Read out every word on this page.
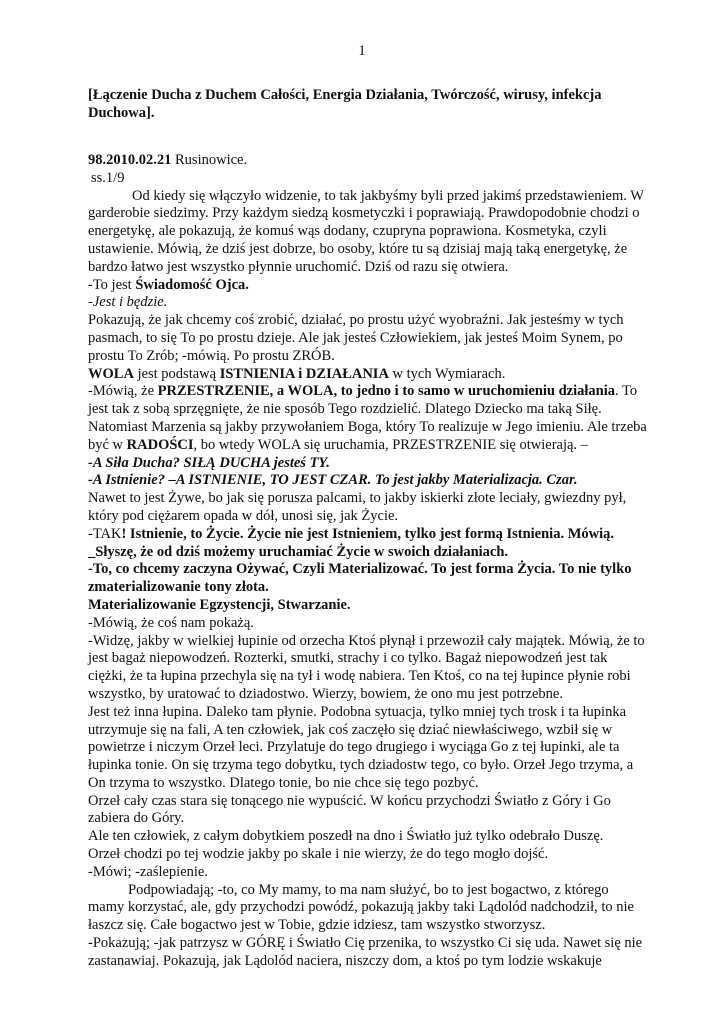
1
[Łączenie Ducha z Duchem Całości, Energia Działania, Twórczość, wirusy, infekcja Duchowa].

98.2010.02.21 Rusinowice.

ss.1/9

Od kiedy się włączyło widzenie, to tak jakbyśmy byli przed jakimś przedstawieniem. W garderobie siedzimy. Przy każdym siedzą kosmetyczki i poprawiają. Prawdopodobnie chodzi o energetykę, ale pokazują, że komuś wąs dodany, czupryna poprawiona. Kosmetyka, czyli ustawienie. Mówią, że dziś jest dobrze, bo osoby, które tu są dzisiaj mają taką energetykę, że bardzo łatwo jest wszystko płynnie uruchomić. Dziś od razu się otwiera.

-To jest Świadomość Ojca.

-Jest i będzie.

Pokazują, że jak chcemy coś zrobić, działać, po prostu użyć wyobraźni. Jak jesteśmy w tych pasmach, to się To po prostu dzieje. Ale jak jesteś Człowiekiem, jak jesteś Moim Synem, po prostu To Zrób; -mówią. Po prostu ZRÓB.

WOLA jest podstawą ISTNIENIA i DZIAŁANIA w tych Wymiarach.

-Mówią, że PRZESTRZENIE, a WOLA, to jedno i to samo w uruchomieniu działania. To jest tak z sobą sprzęgnięte, że nie sposób Tego rozdzielić. Dlatego Dziecko ma taką Siłę. Natomiast Marzenia są jakby przywołaniem Boga, który To realizuje w Jego imieniu. Ale trzeba być w RADOŚCI, bo wtedy WOLA się uruchamia, PRZESTRZENIE się otwierają. –

-A Siła Ducha? SIŁĄ DUCHA jesteś TY.

-A Istnienie? –A ISTNIENIE, TO JEST CZAR. To jest jakby Materializacja. Czar.

Nawet to jest Żywe, bo jak się porusza palcami, to jakby iskierki złote leciały, gwiezdny pył, który pod ciężarem opada w dół, unosi się, jak Życie.

-TAK! Istnienie, to Życie. Życie nie jest Istnieniem, tylko jest formą Istnienia. Mówią.

_Słyszę, że od dziś możemy uruchamiać Życie w swoich działaniach.

-To, co chcemy zaczyna Ożywać, Czyli Materializować. To jest forma Życia. To nie tylko zmaterializowanie tony złota.

Materializowanie Egzystencji, Stwarzanie.

-Mówią, że coś nam pokażą.

-Widzę, jakby w wielkiej łupinie od orzecha Ktoś płynął i przewoził cały majątek. Mówią, że to jest bagaż niepowodzeń. Rozterki, smutki, strachy i co tylko. Bagaż niepowodzeń jest tak ciężki, że ta łupina przechyla się na tył i wodę nabiera. Ten Ktoś, co na tej łupince płynie robi wszystko, by uratować to dziadostwo. Wierzy, bowiem, że ono mu jest potrzebne.

Jest też inna łupina. Daleko tam płynie. Podobna sytuacja, tylko mniej tych trosk i ta łupinka utrzymuje się na fali, A ten człowiek, jak coś zaczęło się dziać niewłaściwego, wzbił się w powietrze i niczym Orzeł leci. Przylatuje do tego drugiego i wyciąga Go z tej łupinki, ale ta łupinka tonie. On się trzyma tego dobytku, tych dziadostw tego, co było. Orzeł Jego trzyma, a On trzyma to wszystko. Dlatego tonie, bo nie chce się tego pozbyć.

Orzeł cały czas stara się tonącego nie wypuścić. W końcu przychodzi Światło z Góry i Go zabiera do Góry.

Ale ten człowiek, z całym dobytkiem poszedł na dno i Światło już tylko odebrało Duszę.

Orzeł chodzi po tej wodzie jakby po skale i nie wierzy, że do tego mogło dojść.

-Mówi; -zaślepienie.

Podpowiadają; -to, co My mamy, to ma nam służyć, bo to jest bogactwo, z którego mamy korzystać, ale, gdy przychodzi powódź, pokazują jakby taki Lądolód nadchodził, to nie łaszcz się. Całe bogactwo jest w Tobie, gdzie idziesz, tam wszystko stworzysz.

-Pokazują; -jak patrzysz w GÓRĘ i Światło Cię przenika, to wszystko Ci się uda. Nawet się nie zastanawiaj. Pokazują, jak Lądolód naciera, niszczy dom, a ktoś po tym lodzie wskakuje
